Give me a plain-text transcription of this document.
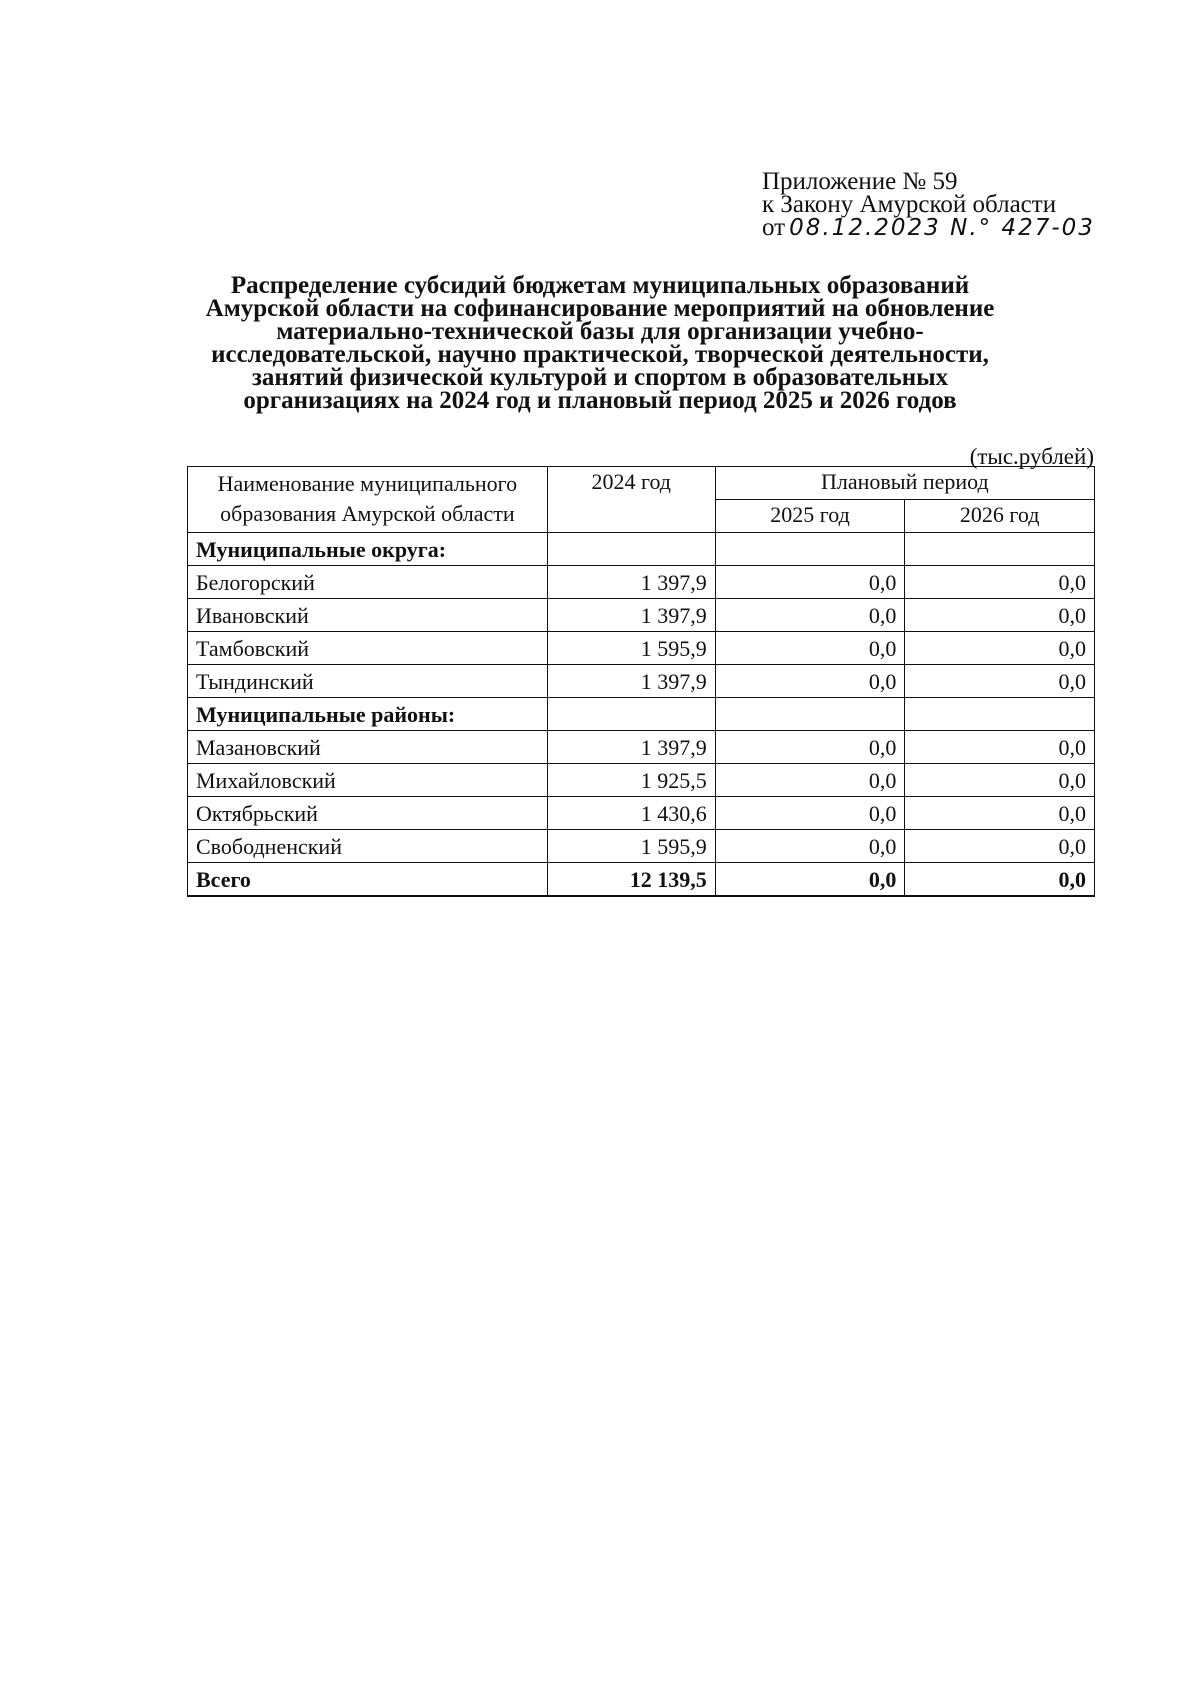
Приложение № 59
к Закону Амурской области
от 08.12.2023 N.° 427-03
Распределение субсидий бюджетам муниципальных образований
Амурской области на софинансирование мероприятий на обновление
материально-технической базы для организации учебно-
исследовательской, научно практической, творческой деятельности,
занятий физической культурой и спортом в образовательных
организациях на 2024 год и плановый период 2025 и 2026 годов
(тыс.рублей)
Наименование муниципального образования Амурской области	2024 год	Плановый период	
		2025 год	2026 год
Муниципальные округа:			
Белогорский	1 397,9	0,0	0,0
Ивановский	1 397,9	0,0	0,0
Тамбовский	1 595,9	0,0	0,0
Тындинский	1 397,9	0,0	0,0
Муниципальные районы:			
Мазановский	1 397,9	0,0	0,0
Михайловский	1 925,5	0,0	0,0
Октябрьский	1 430,6	0,0	0,0
Свободненский	1 595,9	0,0	0,0
Всего	12 139,5	0,0	0,0
